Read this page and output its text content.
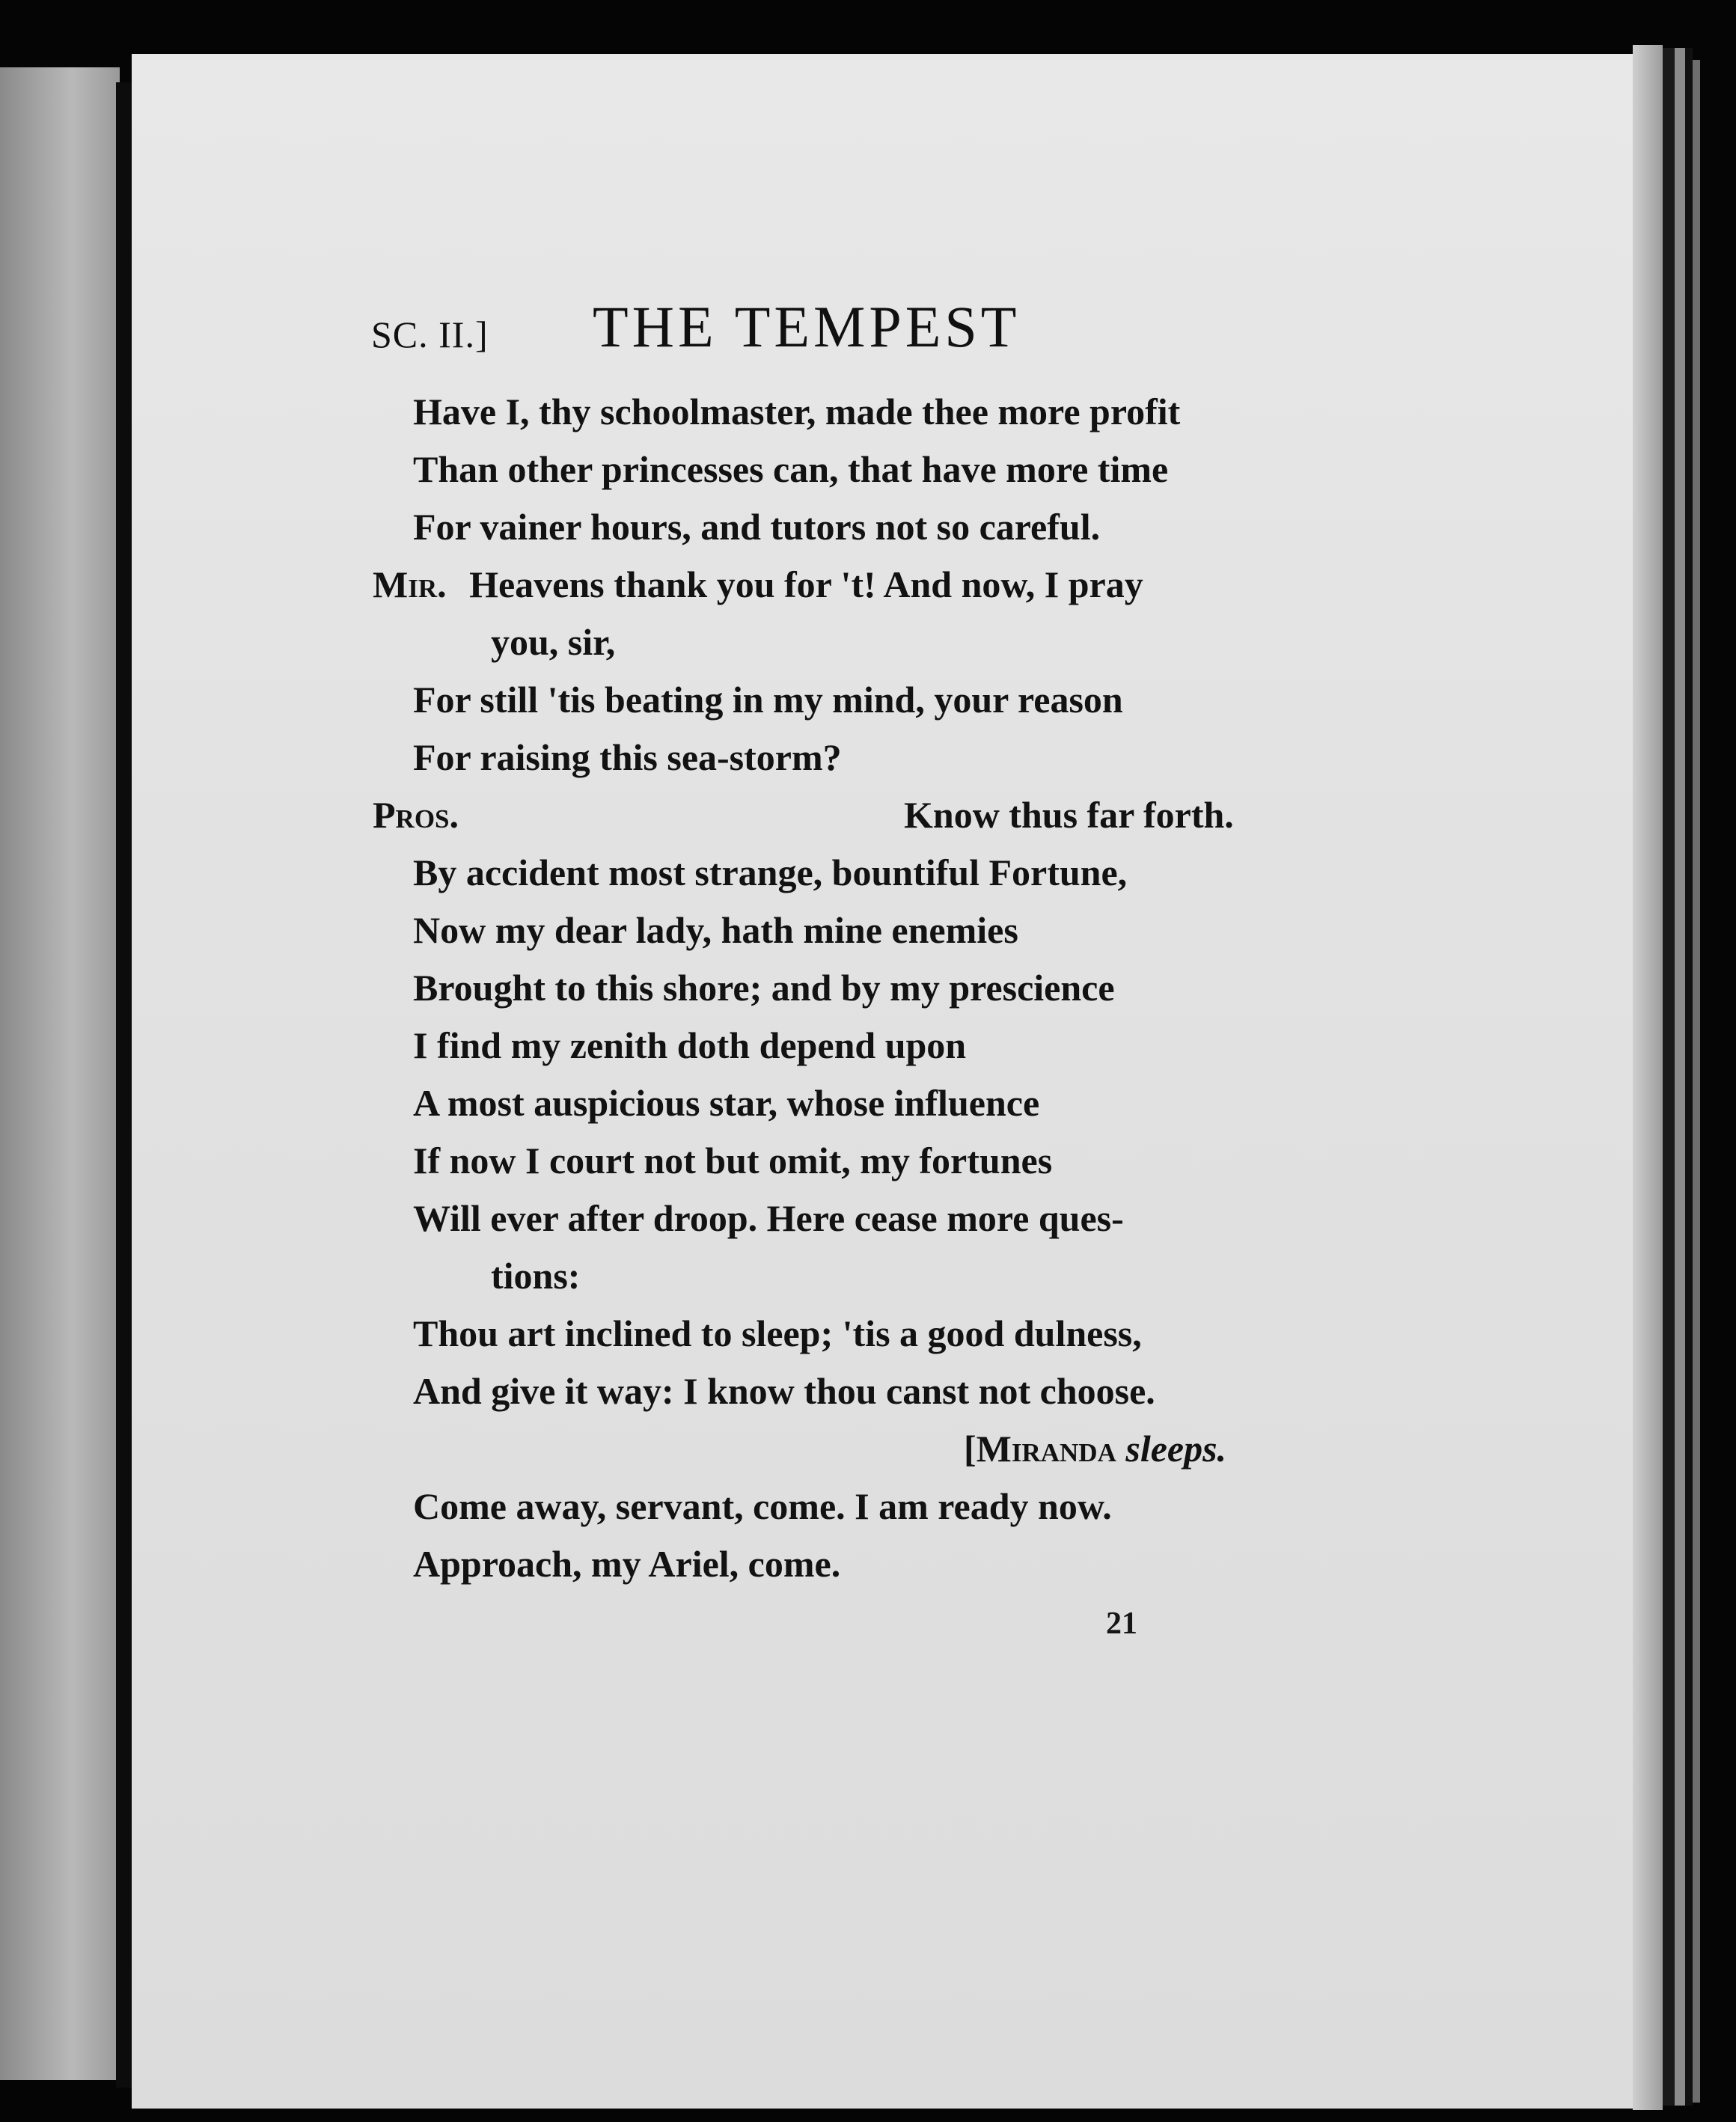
SC. II.] THE TEMPEST
Have I, thy schoolmaster, made thee more profit
Than other princesses can, that have more time
For vainer hours, and tutors not so careful.
Mir. Heavens thank you for 't! And now, I pray
you, sir,
For still 'tis beating in my mind, your reason
For raising this sea-storm?
Pros.	Know thus far forth.
By accident most strange, bountiful Fortune,
Now my dear lady, hath mine enemies
Brought to this shore; and by my prescience
I find my zenith doth depend upon
A most auspicious star, whose influence
If now I court not but omit, my fortunes
Will ever after droop. Here cease more ques-
tions:
Thou art inclined to sleep; 'tis a good dulness,
And give it way: I know thou canst not choose.
[Miranda sleeps.
Come away, servant, come. I am ready now.
Approach, my Ariel, come.
21
